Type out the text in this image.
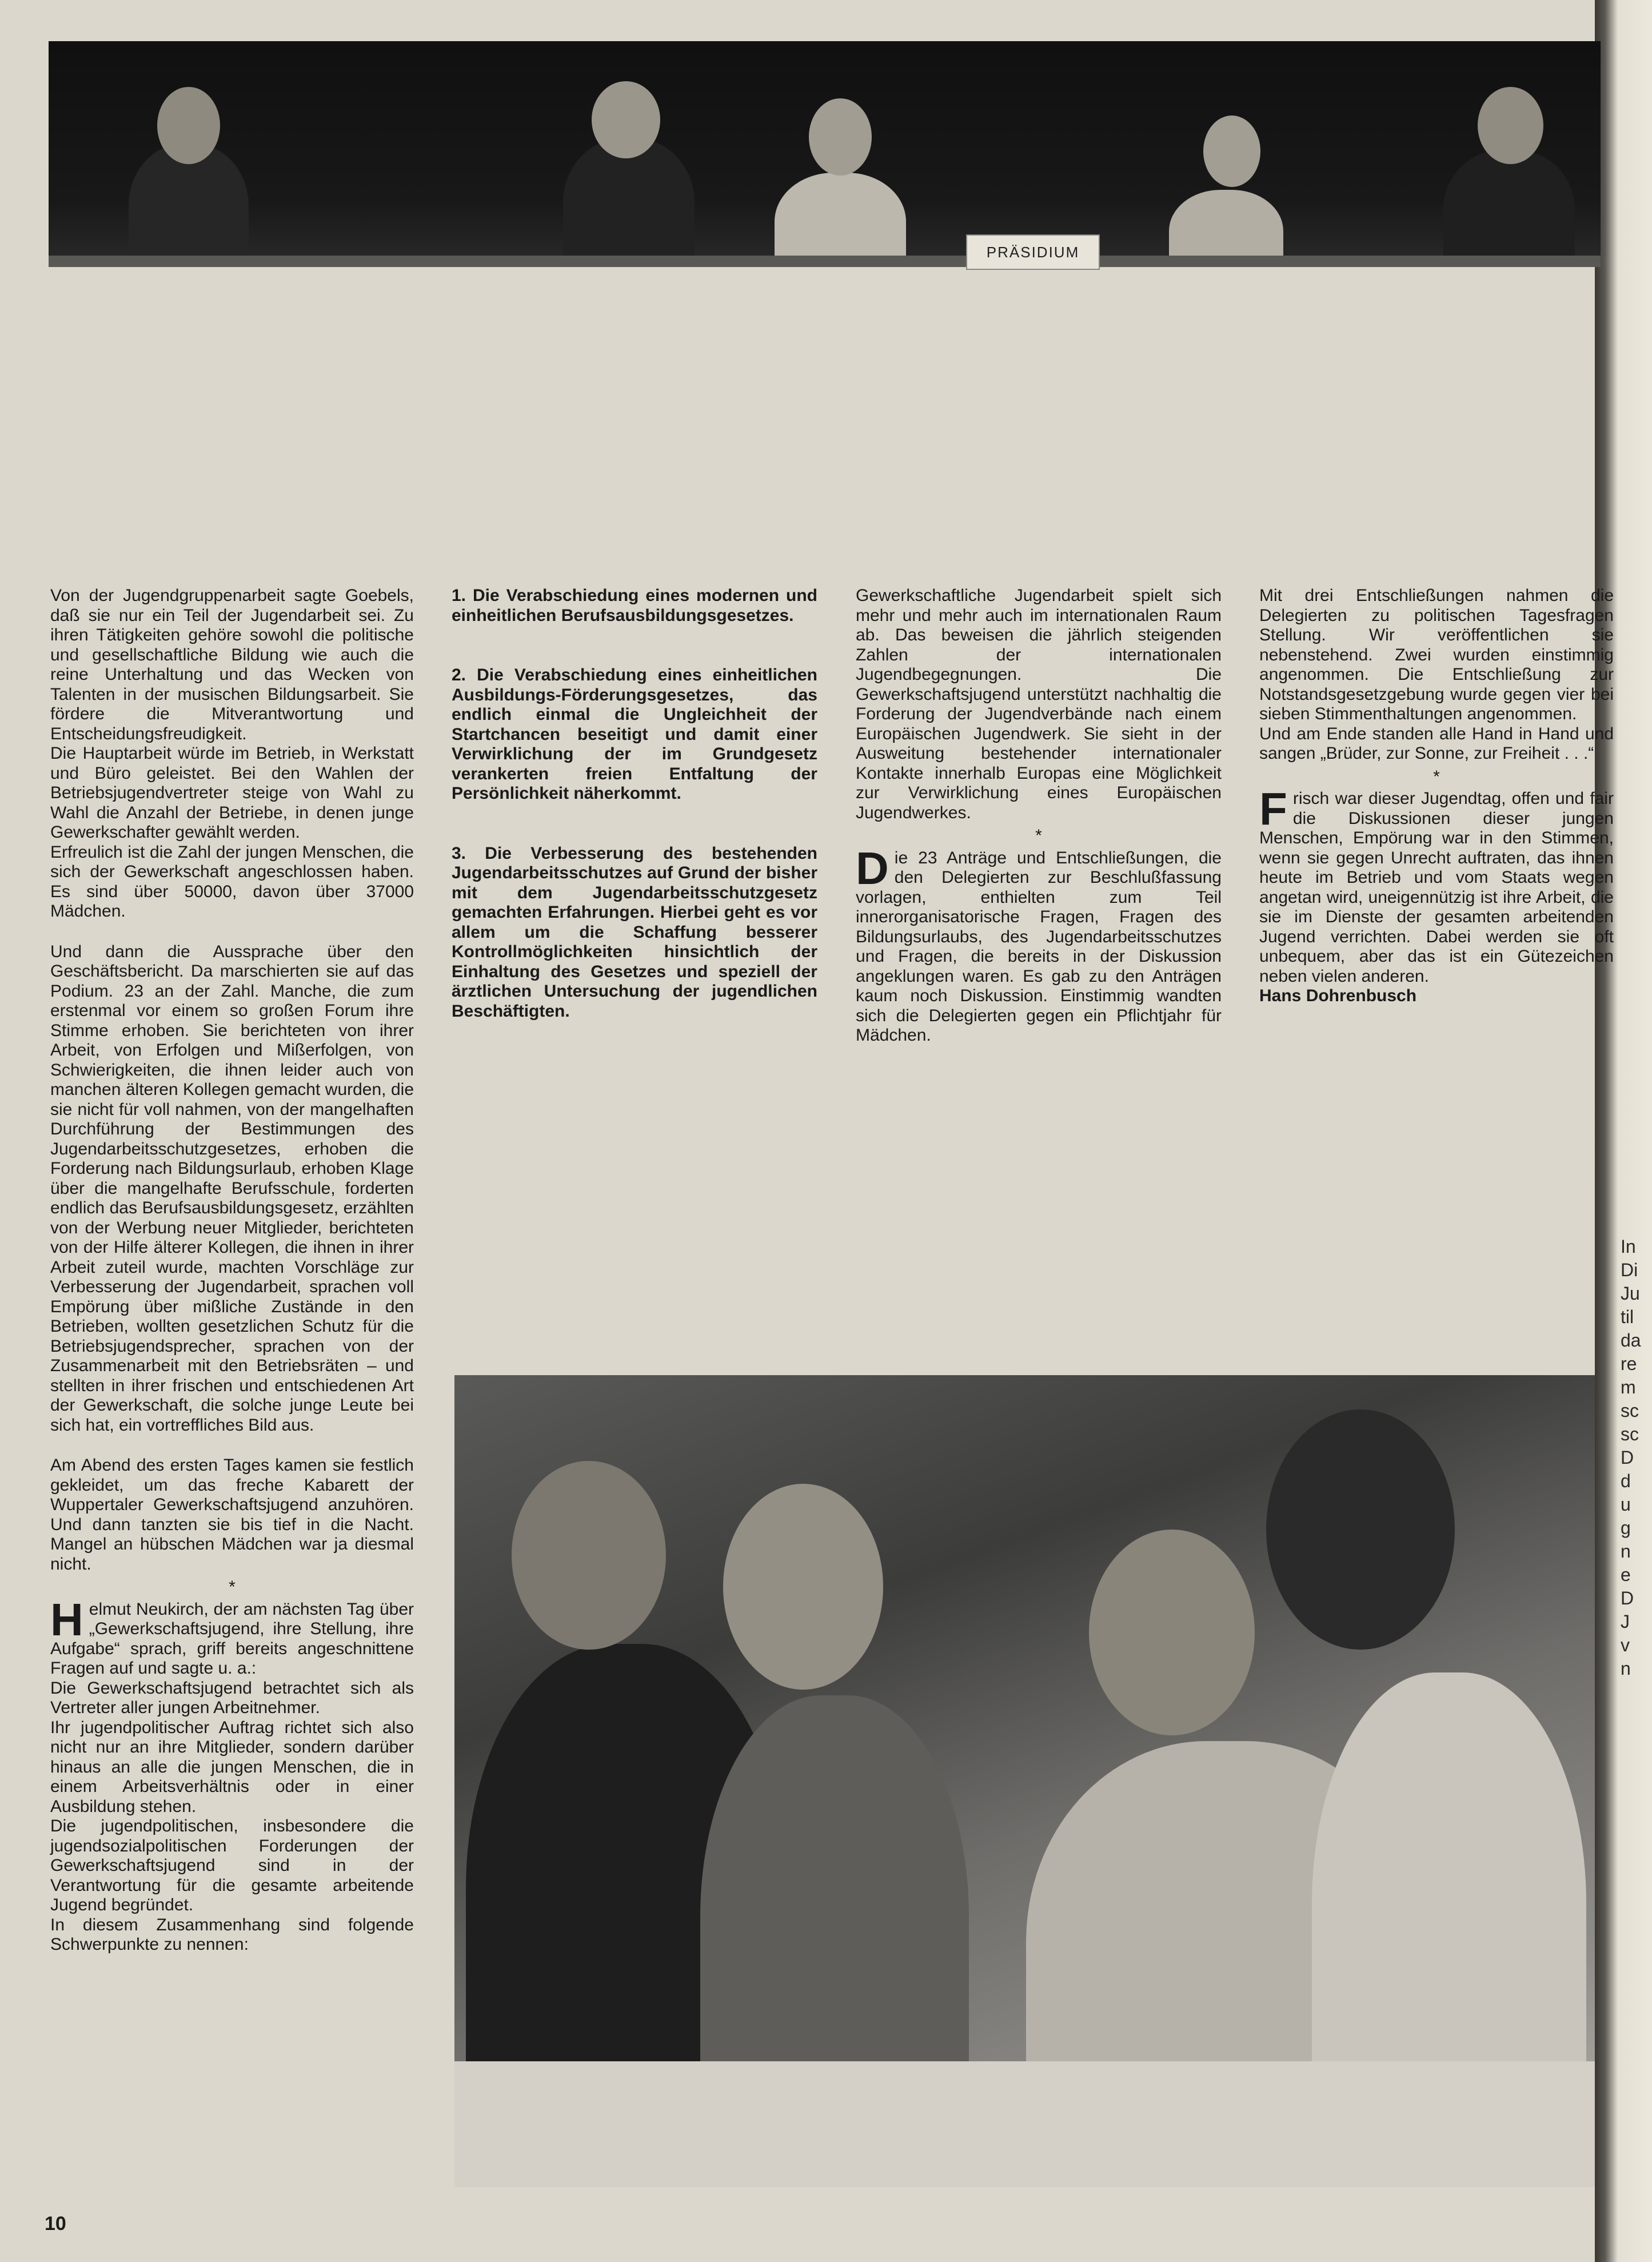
In
Di
Ju
til
da
re
m
sc
sc
D
d
u
g
n
e
D
J
v
n
PRÄSIDIUM

Von der Jugendgruppenarbeit sagte Goebels, daß sie nur ein Teil der Jugendarbeit sei. Zu ihren Tätigkeiten gehöre sowohl die politische und gesellschaftliche Bildung wie auch die reine Unterhaltung und das Wecken von Talenten in der musischen Bildungsarbeit. Sie fördere die Mitverantwortung und Entscheidungsfreudigkeit.

Die Hauptarbeit würde im Betrieb, in Werkstatt und Büro geleistet. Bei den Wahlen der Betriebsjugendvertreter steige von Wahl zu Wahl die Anzahl der Betriebe, in denen junge Gewerkschafter gewählt werden.

Erfreulich ist die Zahl der jungen Menschen, die sich der Gewerkschaft angeschlossen haben. Es sind über 50000, davon über 37000 Mädchen.

Und dann die Aussprache über den Geschäftsbericht. Da marschierten sie auf das Podium. 23 an der Zahl. Manche, die zum erstenmal vor einem so großen Forum ihre Stimme erhoben. Sie berichteten von ihrer Arbeit, von Erfolgen und Mißerfolgen, von Schwierigkeiten, die ihnen leider auch von manchen älteren Kollegen gemacht wurden, die sie nicht für voll nahmen, von der mangelhaften Durchführung der Bestimmungen des Jugendarbeitsschutzgesetzes, erhoben die Forderung nach Bildungsurlaub, erhoben Klage über die mangelhafte Berufsschule, forderten endlich das Berufsausbildungsgesetz, erzählten von der Werbung neuer Mitglieder, berichteten von der Hilfe älterer Kollegen, die ihnen in ihrer Arbeit zuteil wurde, machten Vorschläge zur Verbesserung der Jugendarbeit, sprachen voll Empörung über mißliche Zustände in den Betrieben, wollten gesetzlichen Schutz für die Betriebsjugendsprecher, sprachen von der Zusammenarbeit mit den Betriebsräten – und stellten in ihrer frischen und entschiedenen Art der Gewerkschaft, die solche junge Leute bei sich hat, ein vortreffliches Bild aus.

Am Abend des ersten Tages kamen sie festlich gekleidet, um das freche Kabarett der Wuppertaler Gewerkschaftsjugend anzuhören. Und dann tanzten sie bis tief in die Nacht. Mangel an hübschen Mädchen war ja diesmal nicht.

*

Helmut Neukirch, der am nächsten Tag über „Gewerkschaftsjugend, ihre Stellung, ihre Aufgabe“ sprach, griff bereits angeschnittene Fragen auf und sagte u. a.:

Die Gewerkschaftsjugend betrachtet sich als Vertreter aller jungen Arbeitnehmer.

Ihr jugendpolitischer Auftrag richtet sich also nicht nur an ihre Mitglieder, sondern darüber hinaus an alle die jungen Menschen, die in einem Arbeitsverhältnis oder in einer Ausbildung stehen.

Die jugendpolitischen, insbesondere die jugendsozialpolitischen Forderungen der Gewerkschaftsjugend sind in der Verantwortung für die gesamte arbeitende Jugend begründet.

In diesem Zusammenhang sind folgende Schwerpunkte zu nennen:

1. Die Verabschiedung eines modernen und einheitlichen Berufsausbildungsgesetzes.

2. Die Verabschiedung eines einheitlichen Ausbildungs-Förderungsgesetzes, das endlich einmal die Ungleichheit der Startchancen beseitigt und damit einer Verwirklichung der im Grundgesetz verankerten freien Entfaltung der Persönlichkeit näherkommt.

3. Die Verbesserung des bestehenden Jugendarbeitsschutzes auf Grund der bisher mit dem Jugendarbeitsschutzgesetz gemachten Erfahrungen. Hierbei geht es vor allem um die Schaffung besserer Kontrollmöglichkeiten hinsichtlich der Einhaltung des Gesetzes und speziell der ärztlichen Untersuchung der jugendlichen Beschäftigten.

Gewerkschaftliche Jugendarbeit spielt sich mehr und mehr auch im internationalen Raum ab. Das beweisen die jährlich steigenden Zahlen der internationalen Jugendbegegnungen. Die Gewerkschaftsjugend unterstützt nachhaltig die Forderung der Jugendverbände nach einem Europäischen Jugendwerk. Sie sieht in der Ausweitung bestehender internationaler Kontakte innerhalb Europas eine Möglichkeit zur Verwirklichung eines Europäischen Jugendwerkes.

*

Die 23 Anträge und Entschließungen, die den Delegierten zur Beschlußfassung vorlagen, enthielten zum Teil innerorganisatorische Fragen, Fragen des Bildungsurlaubs, des Jugendarbeitsschutzes und Fragen, die bereits in der Diskussion angeklungen waren. Es gab zu den Anträgen kaum noch Diskussion. Einstimmig wandten sich die Delegierten gegen ein Pflichtjahr für Mädchen.

Mit drei Entschließungen nahmen die Delegierten zu politischen Tagesfragen Stellung. Wir veröffentlichen sie nebenstehend. Zwei wurden einstimmig angenommen. Die Entschließung zur Notstandsgesetzgebung wurde gegen vier bei sieben Stimmenthaltungen angenommen.

Und am Ende standen alle Hand in Hand und sangen „Brüder, zur Sonne, zur Freiheit . . .“

*

Frisch war dieser Jugendtag, offen und fair die Diskussionen dieser jungen Menschen, Empörung war in den Stimmen, wenn sie gegen Unrecht auftraten, das ihnen heute im Betrieb und vom Staats wegen angetan wird, uneigennützig ist ihre Arbeit, die sie im Dienste der gesamten arbeitenden Jugend verrichten. Dabei werden sie oft unbequem, aber das ist ein Gütezeichen neben vielen anderen.

Hans Dohrenbusch

10
